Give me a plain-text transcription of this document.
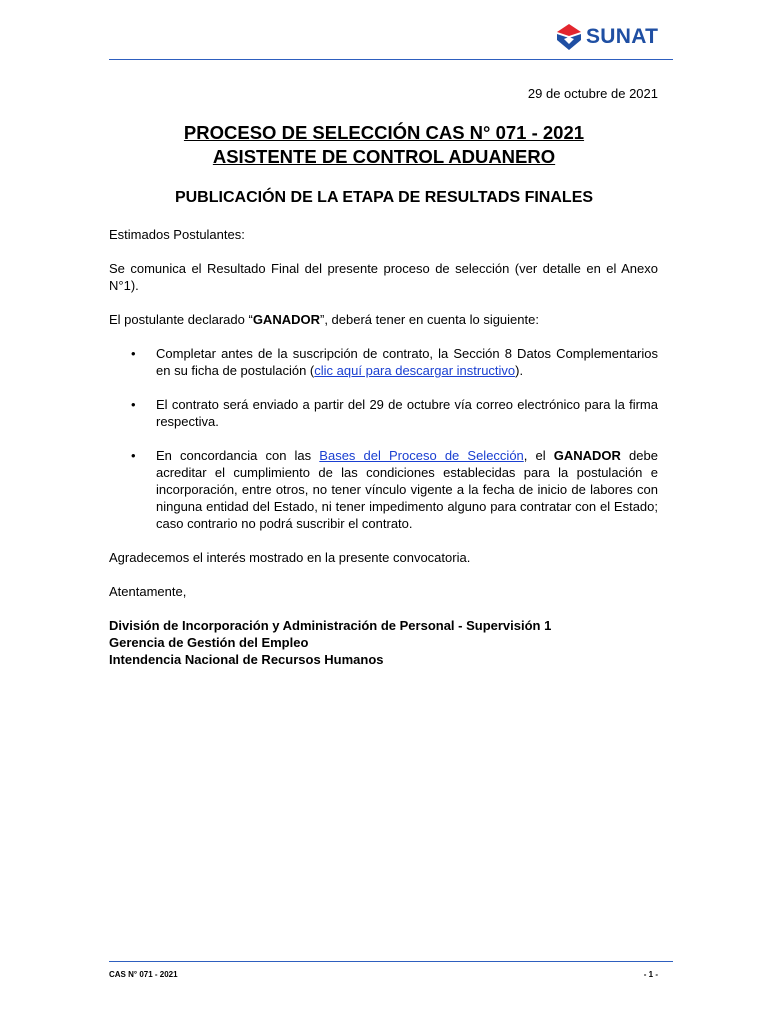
SUNAT
29 de octubre de 2021
PROCESO DE SELECCIÓN CAS N° 071 - 2021
ASISTENTE DE CONTROL ADUANERO
PUBLICACIÓN DE LA ETAPA DE RESULTADS FINALES

Estimados Postulantes:

Se comunica el Resultado Final del presente proceso de selección (ver detalle en el Anexo N°1).

El postulante declarado “GANADOR”, deberá tener en cuenta lo siguiente:

• Completar antes de la suscripción de contrato, la Sección 8 Datos Complementarios en su ficha de postulación (clic aquí para descargar instructivo).
• El contrato será enviado a partir del 29 de octubre vía correo electrónico para la firma respectiva.
• En concordancia con las Bases del Proceso de Selección, el GANADOR debe acreditar el cumplimiento de las condiciones establecidas para la postulación e incorporación, entre otros, no tener vínculo vigente a la fecha de inicio de labores con ninguna entidad del Estado, ni tener impedimento alguno para contratar con el Estado; caso contrario no podrá suscribir el contrato.

Agradecemos el interés mostrado en la presente convocatoria.

Atentamente,

División de Incorporación y Administración de Personal - Supervisión 1

Gerencia de Gestión del Empleo

Intendencia Nacional de Recursos Humanos

CAS N° 071 - 2021	- 1 -
